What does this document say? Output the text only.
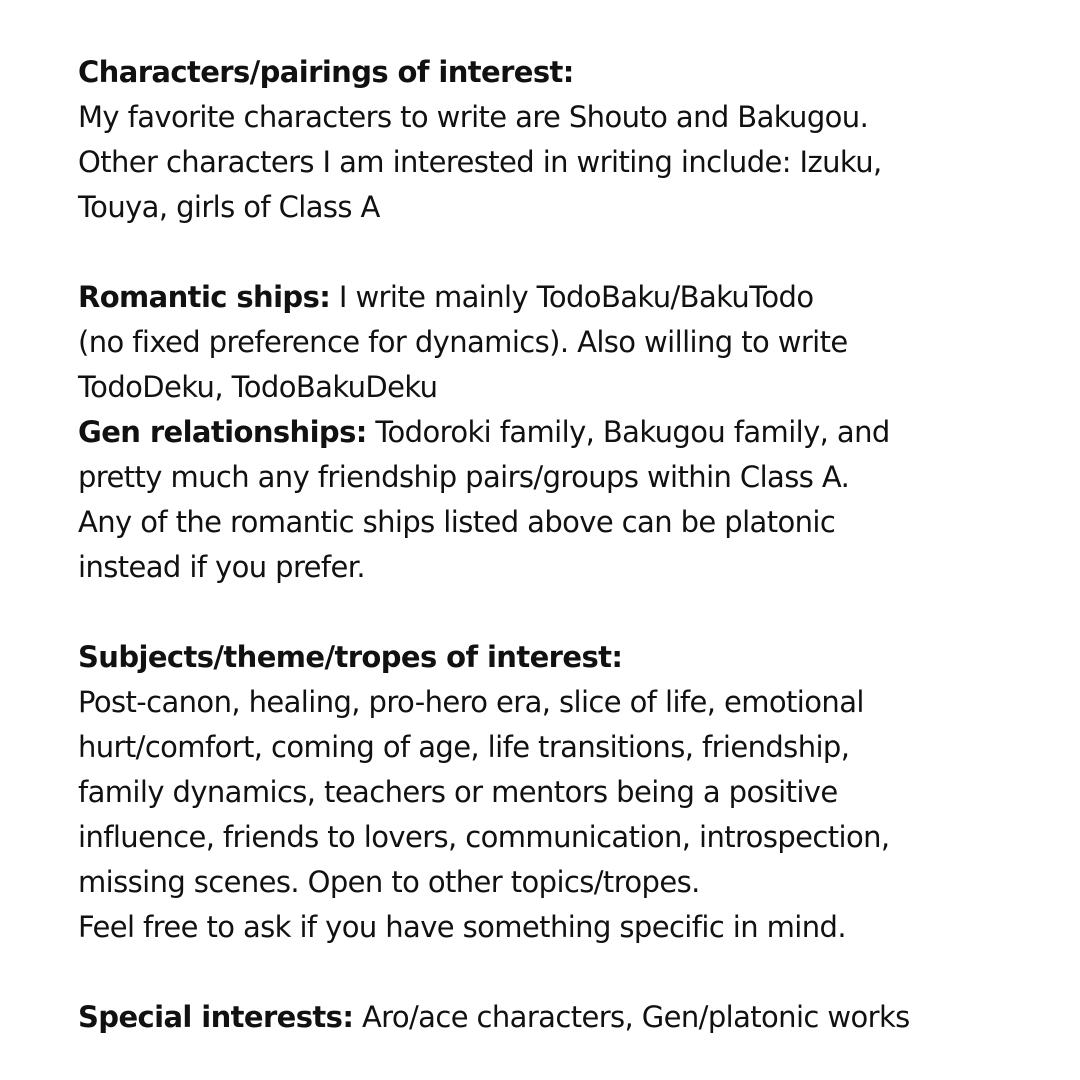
Characters/pairings of interest:
My favorite characters to write are Shouto and Bakugou.
Other characters I am interested in writing include: Izuku,
Touya, girls of Class A
Romantic ships: I write mainly TodoBaku/BakuTodo
(no fixed preference for dynamics). Also willing to write
TodoDeku, TodoBakuDeku
Gen relationships: Todoroki family, Bakugou family, and
pretty much any friendship pairs/groups within Class A.
Any of the romantic ships listed above can be platonic
instead if you prefer.
Subjects/theme/tropes of interest:
Post-canon, healing, pro-hero era, slice of life, emotional
hurt/comfort, coming of age, life transitions, friendship,
family dynamics, teachers or mentors being a positive
influence, friends to lovers, communication, introspection,
missing scenes. Open to other topics/tropes.
Feel free to ask if you have something specific in mind.
Special interests: Aro/ace characters, Gen/platonic works
